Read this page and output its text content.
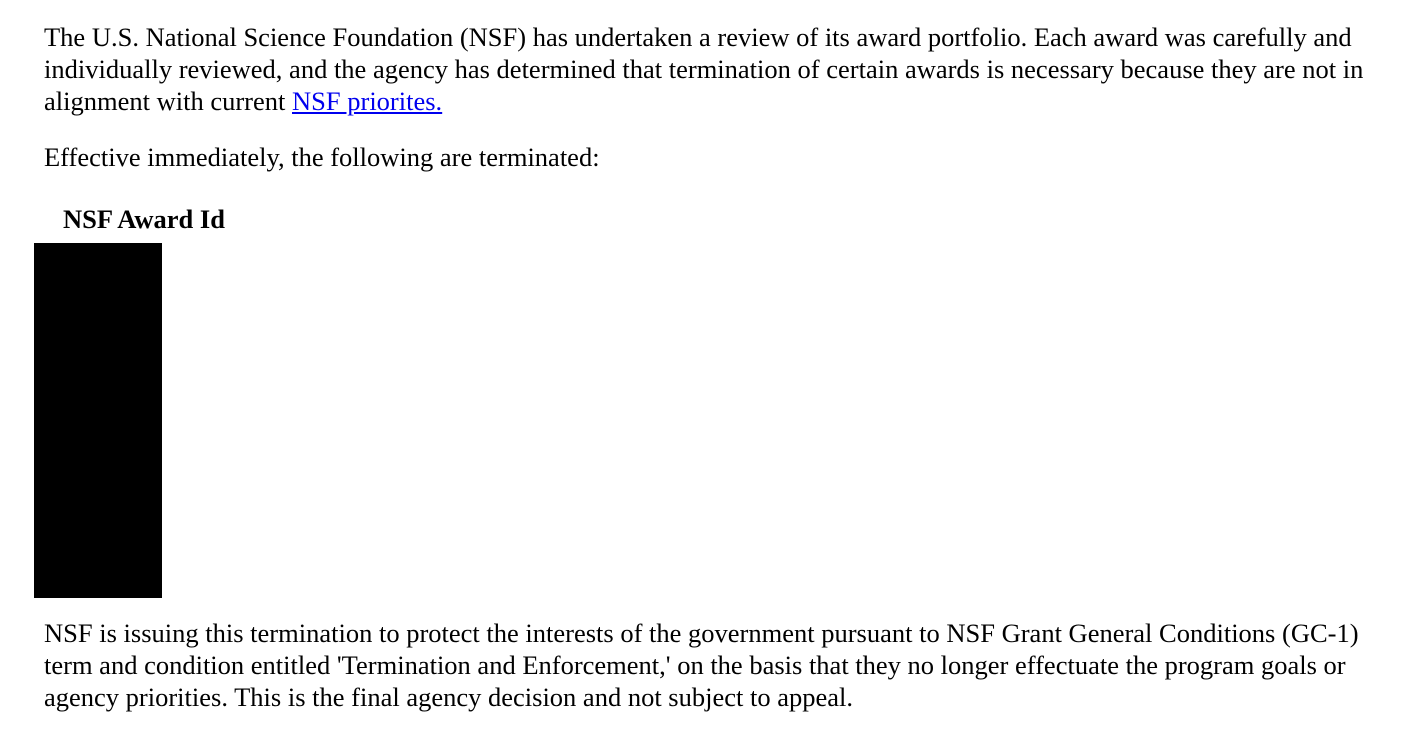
The U.S. National Science Foundation (NSF) has undertaken a review of its award portfolio. Each award was carefully and individually reviewed, and the agency has determined that termination of certain awards is necessary because they are not in alignment with current NSF priorites.

Effective immediately, the following are terminated:

NSF Award Id

NSF is issuing this termination to protect the interests of the government pursuant to NSF Grant General Conditions (GC-1) term and condition entitled 'Termination and Enforcement,' on the basis that they no longer effectuate the program goals or agency priorities. This is the final agency decision and not subject to appeal.
